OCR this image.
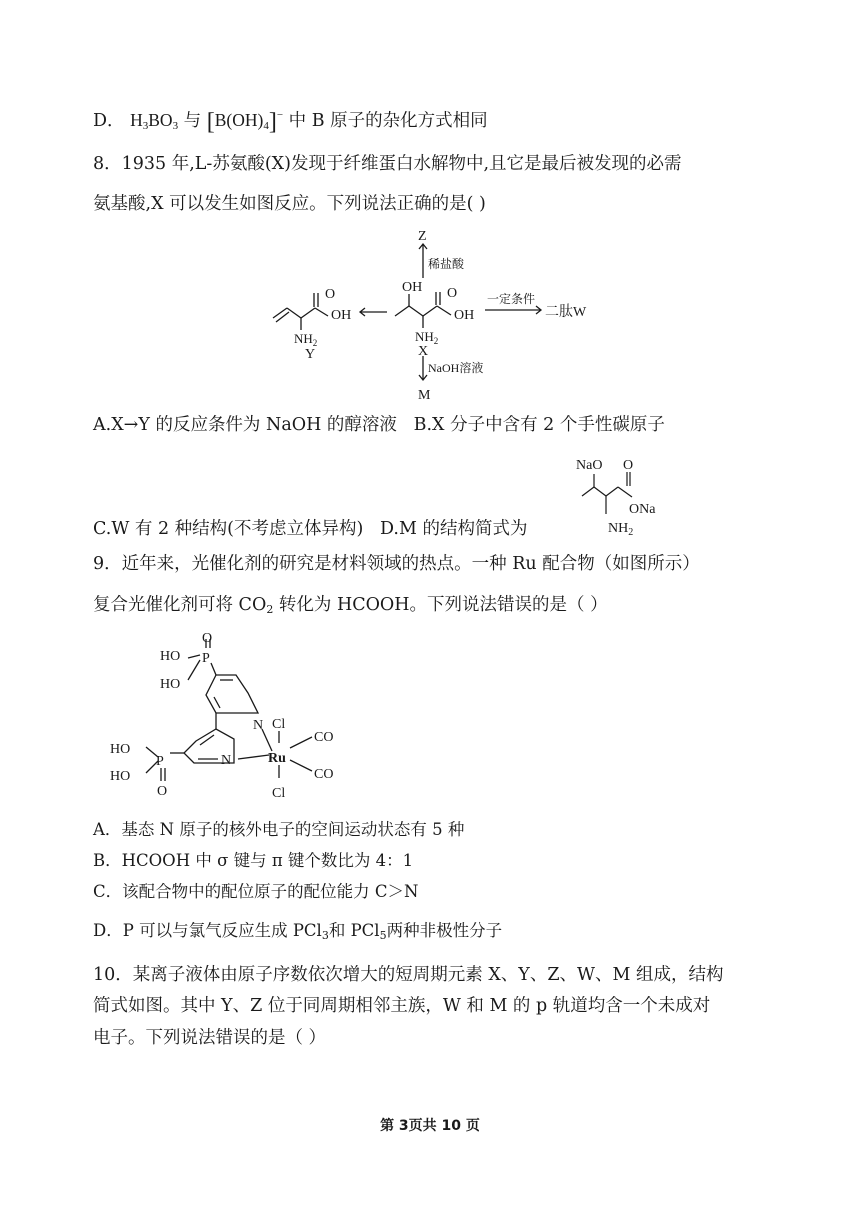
D． $H_3BO_3$ 与 $[B(OH)_4]^-$ 中 B 原子的杂化方式相同
8．1935 年,L-苏氨酸(X)发现于纤维蛋白水解物中,且它是最后被发现的必需
氨基酸,X 可以发生如图反应。下列说法正确的是( )
O
OH
$NH_2$
Y
OH O
OH
$NH_2$
X
Z
稀盐酸
一定条件
二肽W
NaOH溶液
M
A.X→Y 的反应条件为 NaOH 的醇溶液 B.X 分子中含有 2 个手性碳原子
NaO O
ONa
$NH_2$
C.W 有 2 种结构(不考虑立体异构) D.M 的结构简式为
9．近年来，光催化剂的研究是材料领域的热点。一种 Ru 配合物（如图所示）
复合光催化剂可将 $CO_2$ 转化为 HCOOH。下列说法错误的是（ ）
HO
HO
P
O
N
HO
HO
P
O
N	Ru
Cl
Cl
CO
CO
A．基态 N 原子的核外电子的空间运动状态有 5 种
B．HCOOH 中 σ 键与 π 键个数比为 4：1
C．该配合物中的配位原子的配位能力 C＞N
D．P 可以与氯气反应生成 PCl$_3$和 PCl$_5$两种非极性分子
10．某离子液体由原子序数依次增大的短周期元素 X、Y、Z、W、M 组成，结构
简式如图。其中 Y、Z 位于同周期相邻主族，W 和 M 的 p 轨道均含一个未成对
电子。下列说法错误的是（ ）
第 3页共 10 页
